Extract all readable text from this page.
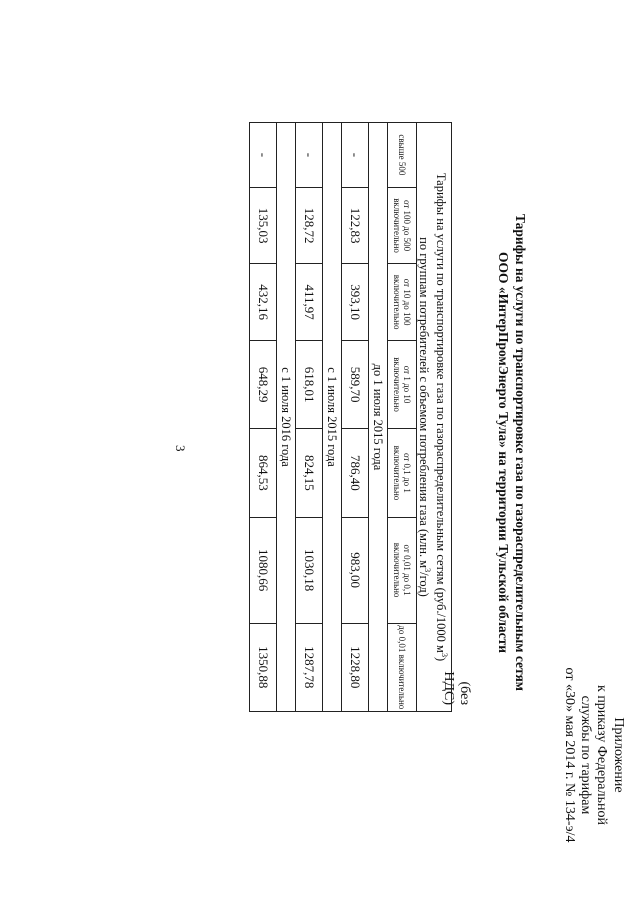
Приложение
к приказу Федеральной
службы по тарифам
от «30» мая 2014 г. № 134-э/4
Тарифы на услуги по транспортировке газа по газораспределительным сетям
ООО «ИнтерПромЭнерго Тула» на территории Тульской области
(без НДС)
Тарифы на услуги по транспортировке газа по газораспределительным сетям (руб./1000 $м^3$)
по группам потребителей с объемом потребления газа (млн. $м^3/год$)						
свыше 500	от 100 до 500 включительно	от 10 до 100 включительно	от 1 до 10 включительно	от 0,1 до 1 включительно	от 0,01 до 0,1 включительно	до 0,01 включительно
до 1 июля 2015 года						
-	122,83	393,10	589,70	786,40	983,00	1228,80
с 1 июля 2015 года						
-	128,72	411,97	618,01	824,15	1030,18	1287,78
с 1 июля 2016 года						
-	135,03	432,16	648,29	864,53	1080,66	1350,88
3
